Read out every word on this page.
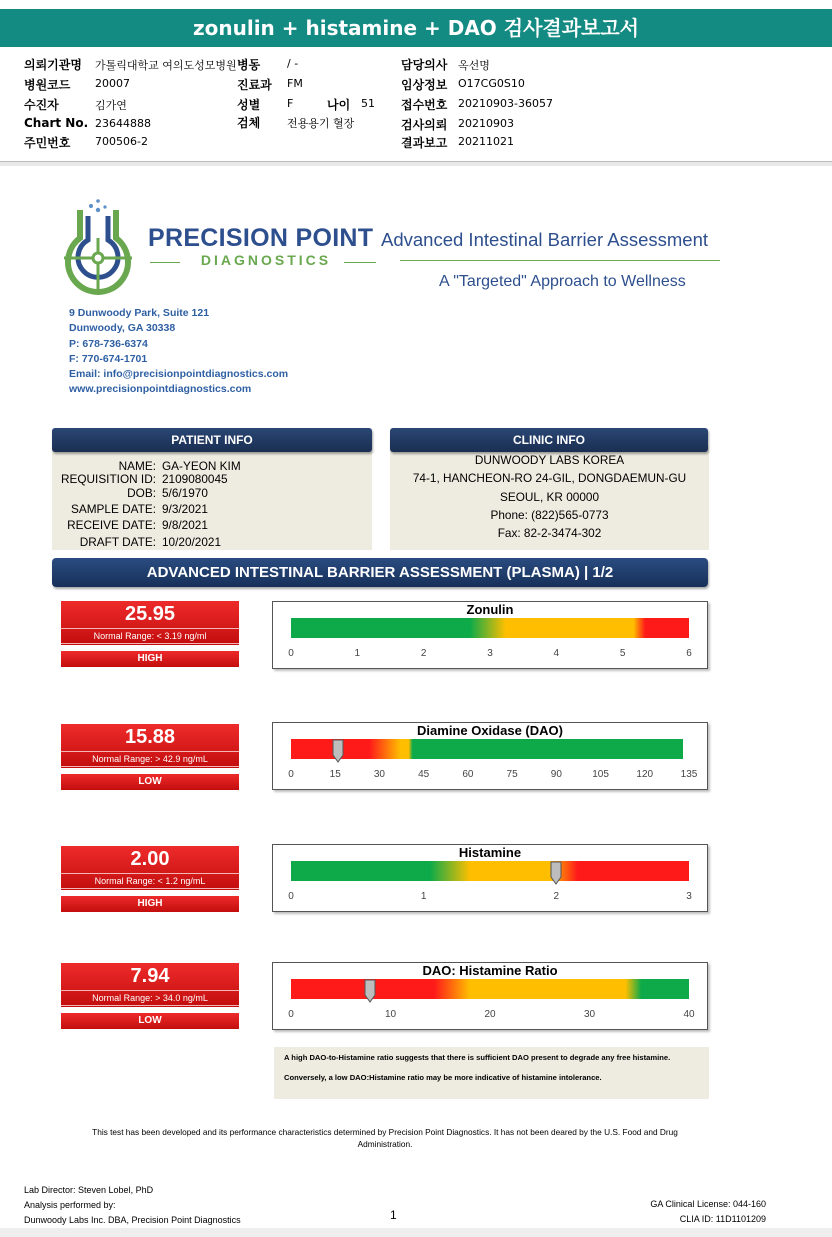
zonulin + histamine + DAO 검사결과보고서
의뢰기관명 가톨릭대학교 여의도성모병원 병동 / -	담당의사 옥선명
병원코드 20007	진료과 FM	임상정보 O17CG0S10
수진자	김가연	성별 F	나이 51 접수번호 20210903-36057
Chart No. 23644888	검체 전용용기 혈장	검사의뢰 20210903
주민번호 700506-2	결과보고 20211021
PRECISION POINT
DIAGNOSTICS
Advanced Intestinal Barrier Assessment
A "Targeted" Approach to Wellness
9 Dunwoody Park, Suite 121
Dunwoody, GA 30338
P: 678-736-6374
F: 770-674-1701
Email: info@precisionpointdiagnostics.com
www.precisionpointdiagnostics.com
NAME: GA-YEON KIM
REQUISITION ID: 2109080045
DOB: 5/6/1970
SAMPLE DATE: 9/3/2021
RECEIVE DATE: 9/8/2021
DRAFT DATE: 10/20/2021
PATIENT INFO
DUNWOODY LABS KOREA
74-1, HANCHEON-RO 24-GIL, DONGDAEMUN-GU
SEOUL, KR 00000
Phone: (822)565-0773
Fax: 82-2-3474-302
CLINIC INFO
ADVANCED INTESTINAL BARRIER ASSESSMENT (PLASMA) | 1/2
25.95
Normal Range: < 3.19 ng/ml
HIGH
Zonulin
0	1	2	3	4	5	6
15.88
Normal Range: > 42.9 ng/mL
LOW
Diamine Oxidase (DAO)
0	15	30	45	60	75	90	105	120	135
2.00
Normal Range: < 1.2 ng/mL
HIGH
Histamine
0	1	2	3
7.94
Normal Range: > 34.0 ng/mL
LOW
DAO: Histamine Ratio
0	10	20	30	40
A high DAO-to-Histamine ratio suggests that there is sufficient DAO present to degrade any free histamine.
Conversely, a low DAO:Histamine ratio may be more indicative of histamine intolerance.
This test has been developed and its performance characteristics determined by Precision Point Diagnostics. It has not been deared by the U.S. Food and Drug Administration.
Lab Director: Steven Lobel, PhD
Analysis performed by:
Dunwoody Labs Inc. DBA, Precision Point Diagnostics	1
GA Clinical License: 044-160
CLIA ID: 11D1101209
